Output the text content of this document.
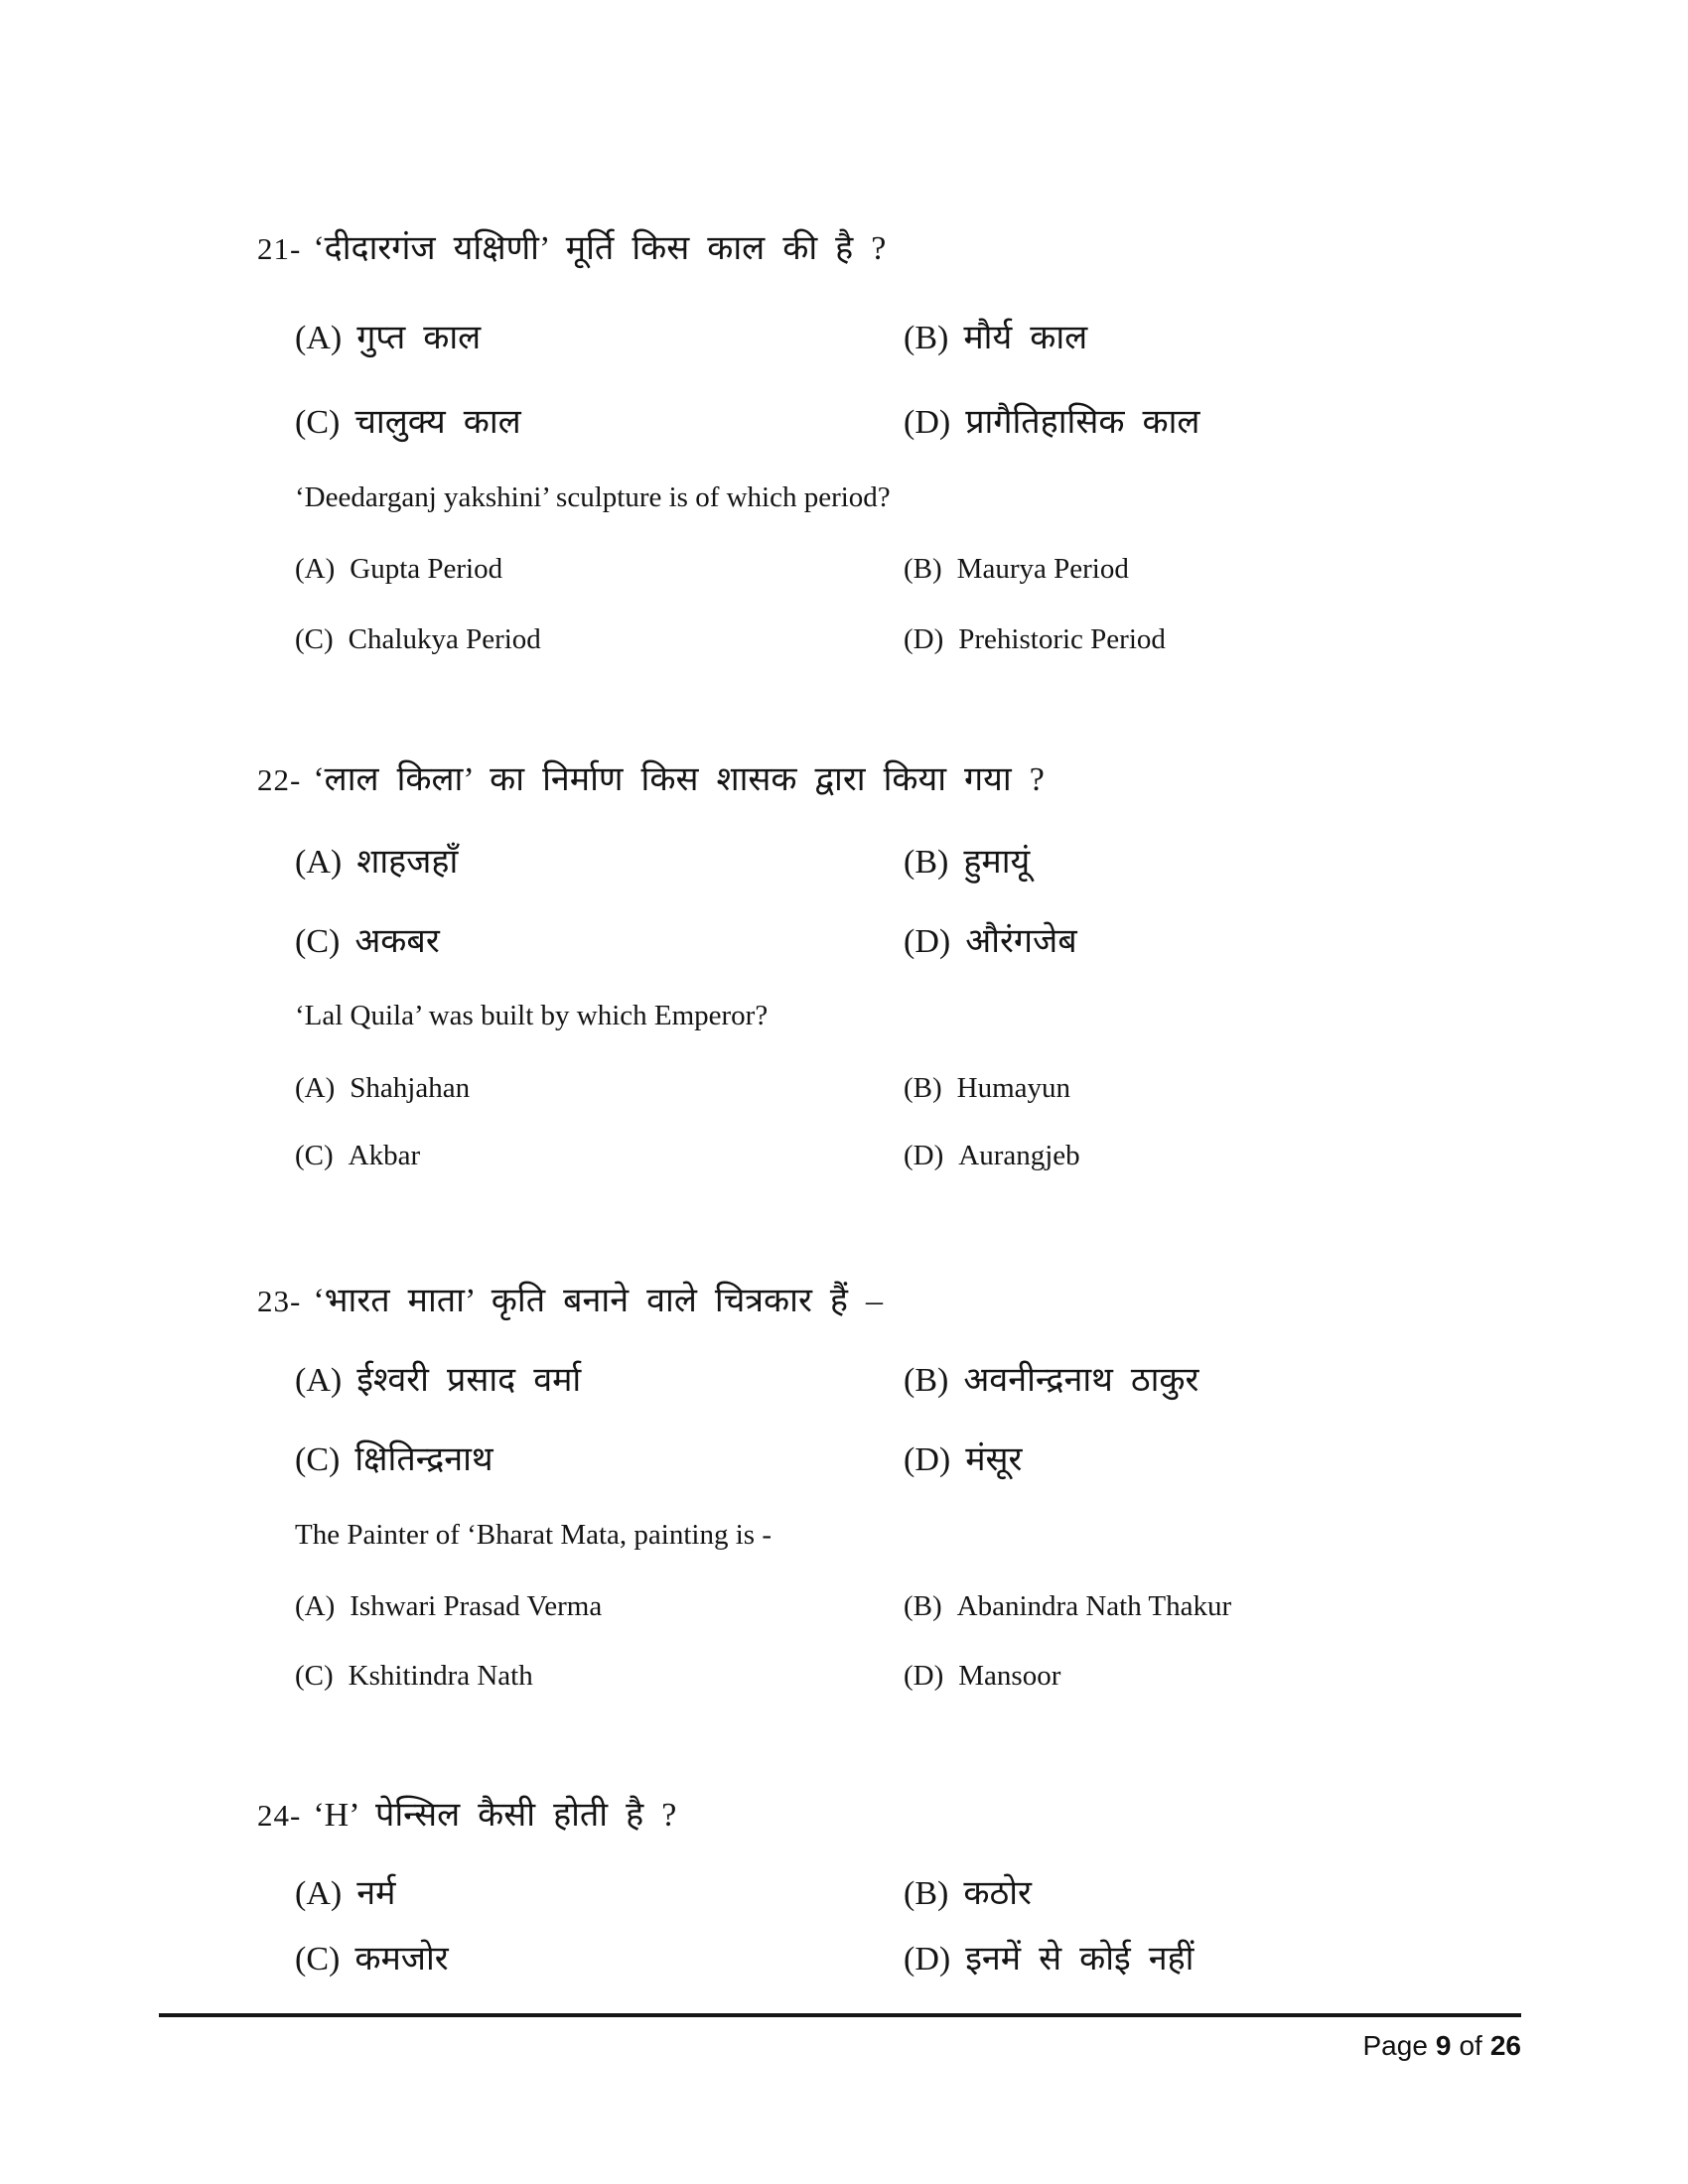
21- ‘दीदारगंज यक्षिणी’ मूर्ति किस काल की है ?
(A) गुप्त काल	(B) मौर्य काल
(C) चालुक्य काल	(D) प्रागैतिहासिक काल
‘Deedarganj yakshini’ sculpture is of which period?
(A) Gupta Period	(B) Maurya Period
(C) Chalukya Period	(D) Prehistoric Period
22- ‘लाल किला’ का निर्माण किस शासक द्वारा किया गया ?
(A) शाहजहाँ	(B) हुमायूं
(C) अकबर	(D) औरंगजेब
‘Lal Quila’ was built by which Emperor?
(A) Shahjahan	(B) Humayun
(C) Akbar	(D) Aurangjeb
23- ‘भारत माता’ कृति बनाने वाले चित्रकार हैं –
(A) ईश्वरी प्रसाद वर्मा	(B) अवनीन्द्रनाथ ठाकुर
(C) क्षितिन्द्रनाथ	(D) मंसूर
The Painter of ‘Bharat Mata, painting is -
(A) Ishwari Prasad Verma	(B) Abanindra Nath Thakur
(C) Kshitindra Nath	(D) Mansoor
24- ‘H’ पेन्सिल कैसी होती है ?
(A) नर्म	(B) कठोर
(C) कमजोर	(D) इनमें से कोई नहीं
Page 9 of 26
